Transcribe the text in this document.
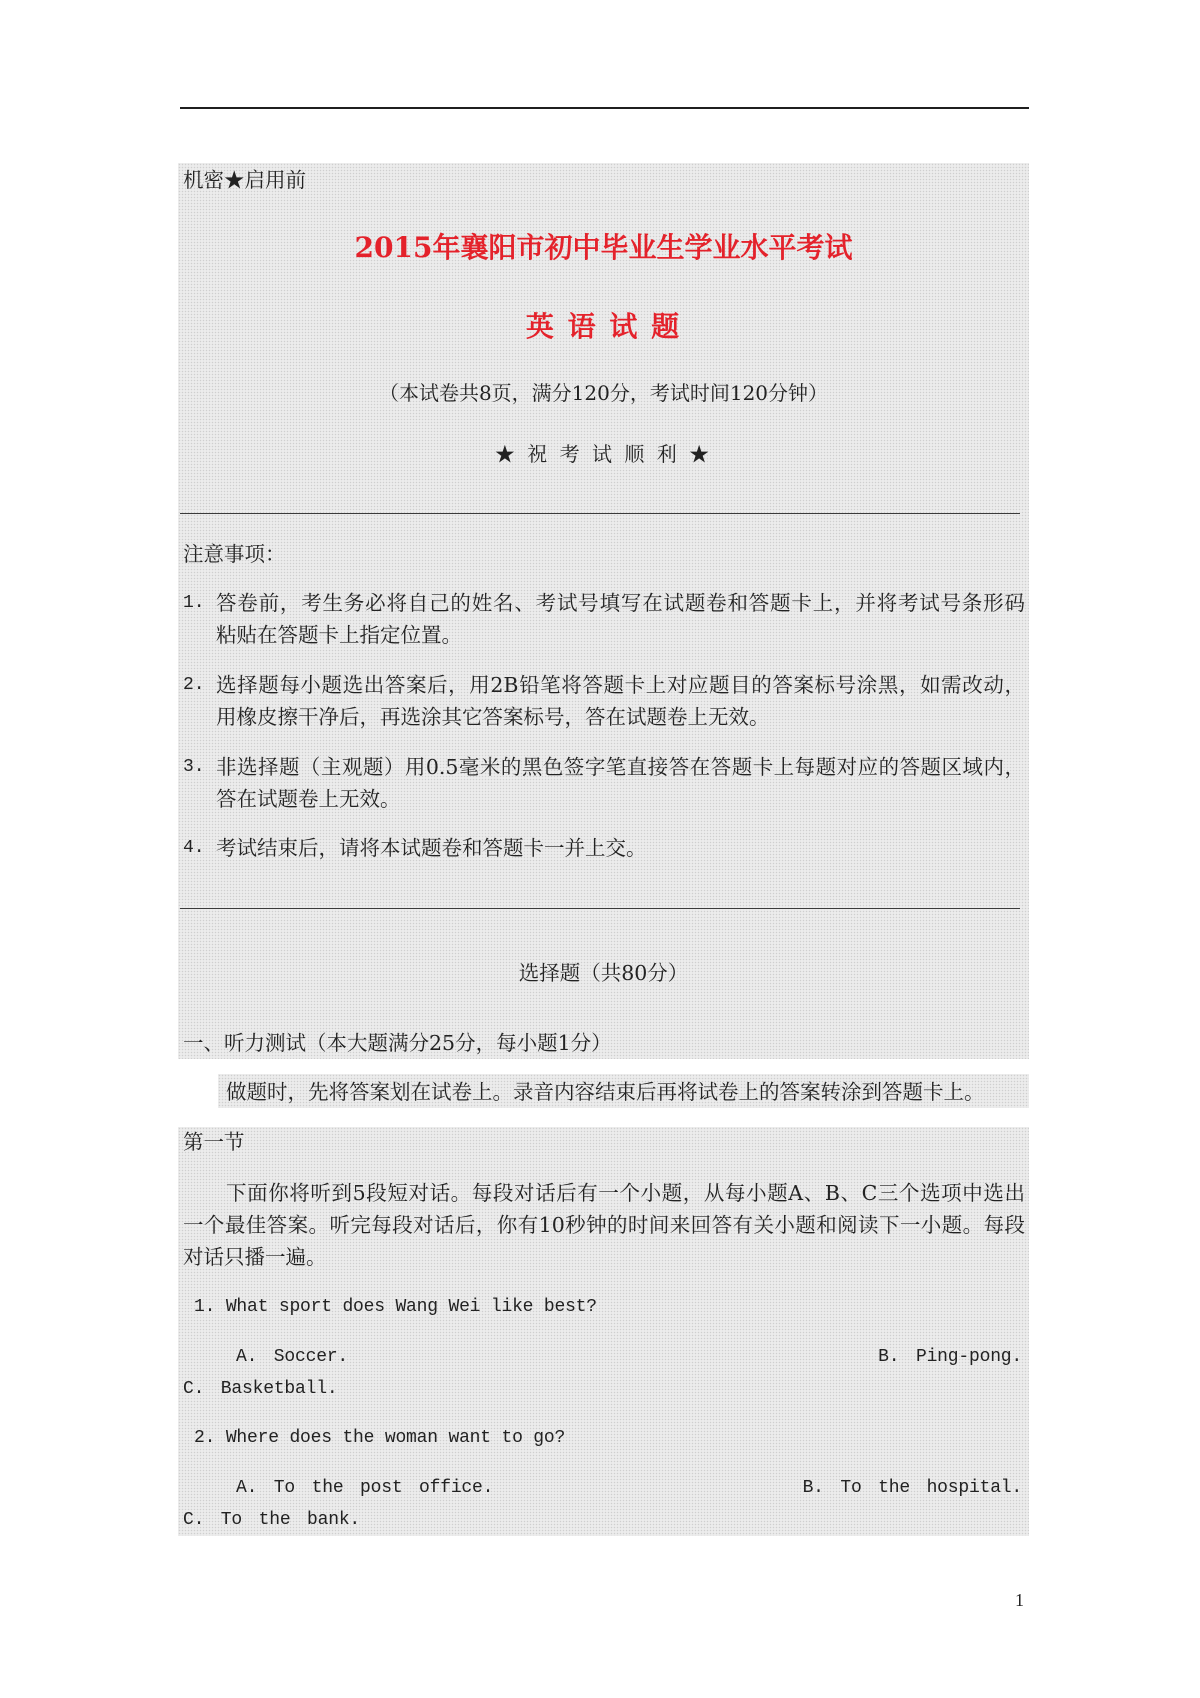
机密★启用前
2015年襄阳市初中毕业生学业水平考试
英 语 试 题
（本试卷共8页，满分120分，考试时间120分钟）
★ 祝 考 试 顺 利 ★
注意事项：
1. 答卷前，考生务必将自己的姓名、考试号填写在试题卷和答题卡上，并将考试号条形码
粘贴在答题卡上指定位置。
2. 选择题每小题选出答案后，用2B铅笔将答题卡上对应题目的答案标号涂黑，如需改动，
用橡皮擦干净后，再选涂其它答案标号，答在试题卷上无效。
3. 非选择题（主观题）用0.5毫米的黑色签字笔直接答在答题卡上每题对应的答题区域内，
答在试题卷上无效。
4. 考试结束后，请将本试题卷和答题卡一并上交。
选择题（共80分）
一、听力测试（本大题满分25分，每小题1分）
做题时，先将答案划在试卷上。录音内容结束后再将试卷上的答案转涂到答题卡上。
第一节
下面你将听到5段短对话。每段对话后有一个小题，从每小题A、B、C三个选项中选出
一个最佳答案。听完每段对话后，你有10秒钟的时间来回答有关小题和阅读下一小题。每段
对话只播一遍。
1. What sport does Wang Wei like best?
A. Soccer.	B. Ping-pong.
C. Basketball.
2. Where does the woman want to go?
A. To the post office.	B. To the hospital.
C. To the bank.
1
